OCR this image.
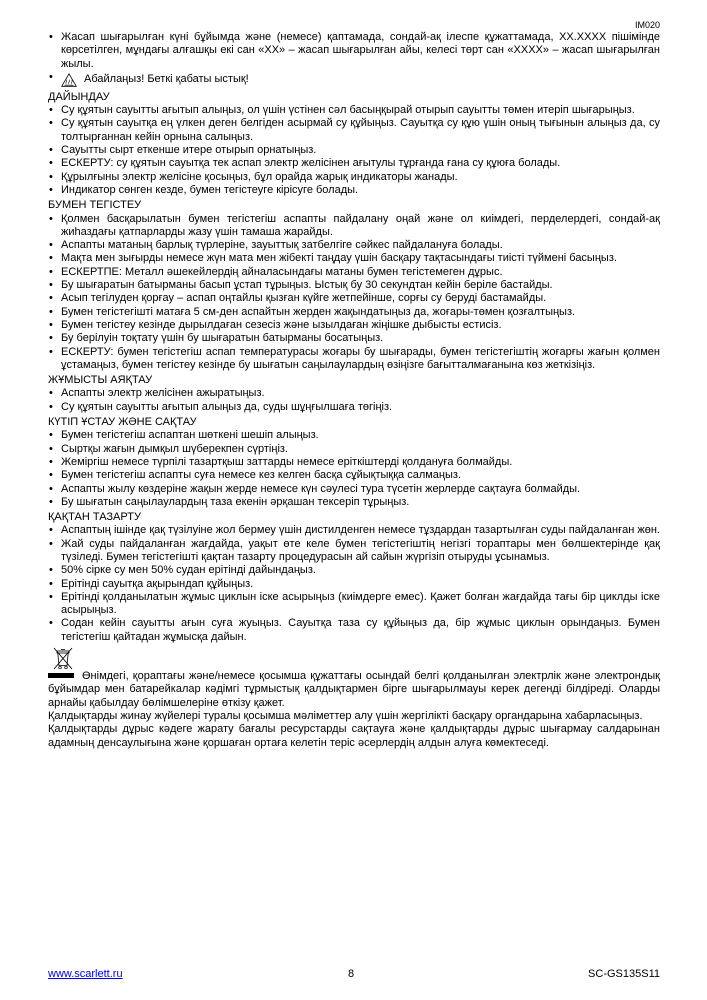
IM020
• Жасап шығарылған күні бұйымда және (немесе) қаптамада, сондай-ақ ілеспе құжаттамада, XX.XXXX пішімінде көрсетілген, мұндағы алғашқы екі сан «XX» – жасап шығарылған айы, келесі төрт сан «XXXX» – жасап шығарылған жылы.
• Абайлаңыз! Беткі қабаты ыстық!
ДАЙЫНДАУ
• Су құятын сауытты ағытып алыңыз, ол үшін үстінен сәл басыңқырай отырып сауытты төмен итеріп шығарыңыз.
• Су құятын сауытқа ең үлкен деген белгіден асырмай су құйыңыз. Сауытқа су құю үшін оның тығынын алыңыз да, су толтырғаннан кейін орнына салыңыз.
• Сауытты сырт еткенше итере отырып орнатыңыз.
• ЕСКЕРТУ: су құятын сауытқа тек аспап электр желісінен ағытулы тұрғанда ғана су құюға болады.
• Құрылғыны электр желісіне қосыңыз, бұл орайда жарық индикаторы жанады.
• Индикатор сөнген кезде, бумен тегістеуге кірісуге болады.
БУМЕН ТЕГІСТЕУ
• Қолмен басқарылатын бумен тегістегіш аспапты пайдалану оңай және ол киімдегі, перделердегі, сондай-ақ жиһаздағы қатпарларды жазу үшін тамаша жарайды.
• Аспапты матаның барлық түрлеріне, зауыттық затбелгіге сәйкес пайдалануға болады.
• Мақта мен зығырды немесе жүн мата мен жібекті таңдау үшін басқару тақтасындағы тиісті түймені басыңыз.
• ЕСКЕРТПЕ: Металл әшекейлердің айналасындағы матаны бумен тегістемеген дұрыс.
• Бу шығаратын батырманы басып ұстап тұрыңыз. Ыстық бу 30 секундтан кейін беріле бастайды.
• Асып тегілуден қорғау – аспап оңтайлы қызған күйге жетпейінше, сорғы су беруді бастамайды.
• Бумен тегістегішті матаға 5 см-ден аспайтын жерден жақындатыңыз да, жоғары-төмен қозғалтыңыз.
• Бумен тегістеу кезінде дырылдаған сезесіз және ызылдаған жіңішке дыбысты естисіз.
• Бу берілуін тоқтату үшін бу шығаратын батырманы босатыңыз.
• ЕСКЕРТУ: бумен тегістегіш аспап температурасы жоғары бу шығарады, бумен тегістегіштің жоғарғы жағын қолмен ұстамаңыз, бумен тегістеу кезінде бу шығатын саңылаулардың өзіңізге бағытталмағанына көз жеткізіңіз.
ЖҰМЫСТЫ АЯҚТАУ
• Аспапты электр желісінен ажыратыңыз.
• Су құятын сауытты ағытып алыңыз да, суды шұңғылшаға төгіңіз.
КҮТІП ҰСТАУ ЖӘНЕ САҚТАУ
• Бумен тегістегіш аспаптан шөткені шешіп алыңыз.
• Сыртқы жағын дымқыл шүберекпен сүртіңіз.
• Жеміргіш немесе түрпілі тазартқыш заттарды немесе еріткіштерді қолдануға болмайды.
• Бумен тегістегіш аспапты суға немесе кез келген басқа сұйықтыққа салмаңыз.
• Аспапты жылу көздеріне жақын жерде немесе күн сәулесі тура түсетін жерлерде сақтауға болмайды.
• Бу шығатын саңылаулардың таза екенін әрқашан тексеріп тұрыңыз.
ҚАҚТАН ТАЗАРТУ
• Аспаптың ішінде қақ түзілуіне жол бермеу үшін дистилденген немесе тұздардан тазартылған суды пайдаланған жөн.
• Жай суды пайдаланған жағдайда, уақыт өте келе бумен тегістегіштің негізгі тораптары мен бөлшектерінде қақ түзіледі. Бумен тегістегішті қақтан тазарту процедурасын ай сайын жүргізіп отыруды ұсынамыз.
• 50% сірке су мен 50% судан ерітінді дайындаңыз.
• Ерітінді сауытқа ақырындап құйыңыз.
• Ерітінді қолданылатын жұмыс циклын іске асырыңыз (киімдерге емес). Қажет болған жағдайда тағы бір циклды іске асырыңыз.
• Содан кейін сауытты ағын суға жуыңыз. Сауытқа таза су құйыңыз да, бір жұмыс циклын орындаңыз. Бумен тегістегіш қайтадан жұмысқа дайын.

Өнімдегі, қораптағы және/немесе қосымша құжаттағы осындай белгі қолданылған электрлік және электрондық бұйымдар мен батарейкалар кәдімгі тұрмыстық қалдықтармен бірге шығарылмауы керек дегенді білдіреді. Оларды арнайы қабылдау бөлімшелеріне өткізу қажет.

Қалдықтарды жинау жүйелері туралы қосымша мәліметтер алу үшін жергілікті басқару органдарына хабарласыңыз.

Қалдықтарды дұрыс кәдеге жарату бағалы ресурстарды сақтауға және қалдықтарды дұрыс шығармау салдарынан адамның денсаулығына және қоршаған ортаға келетін теріс әсерлердің алдын алуға көмектеседі.

www.scarlett.ru	8	SC-GS135S11
